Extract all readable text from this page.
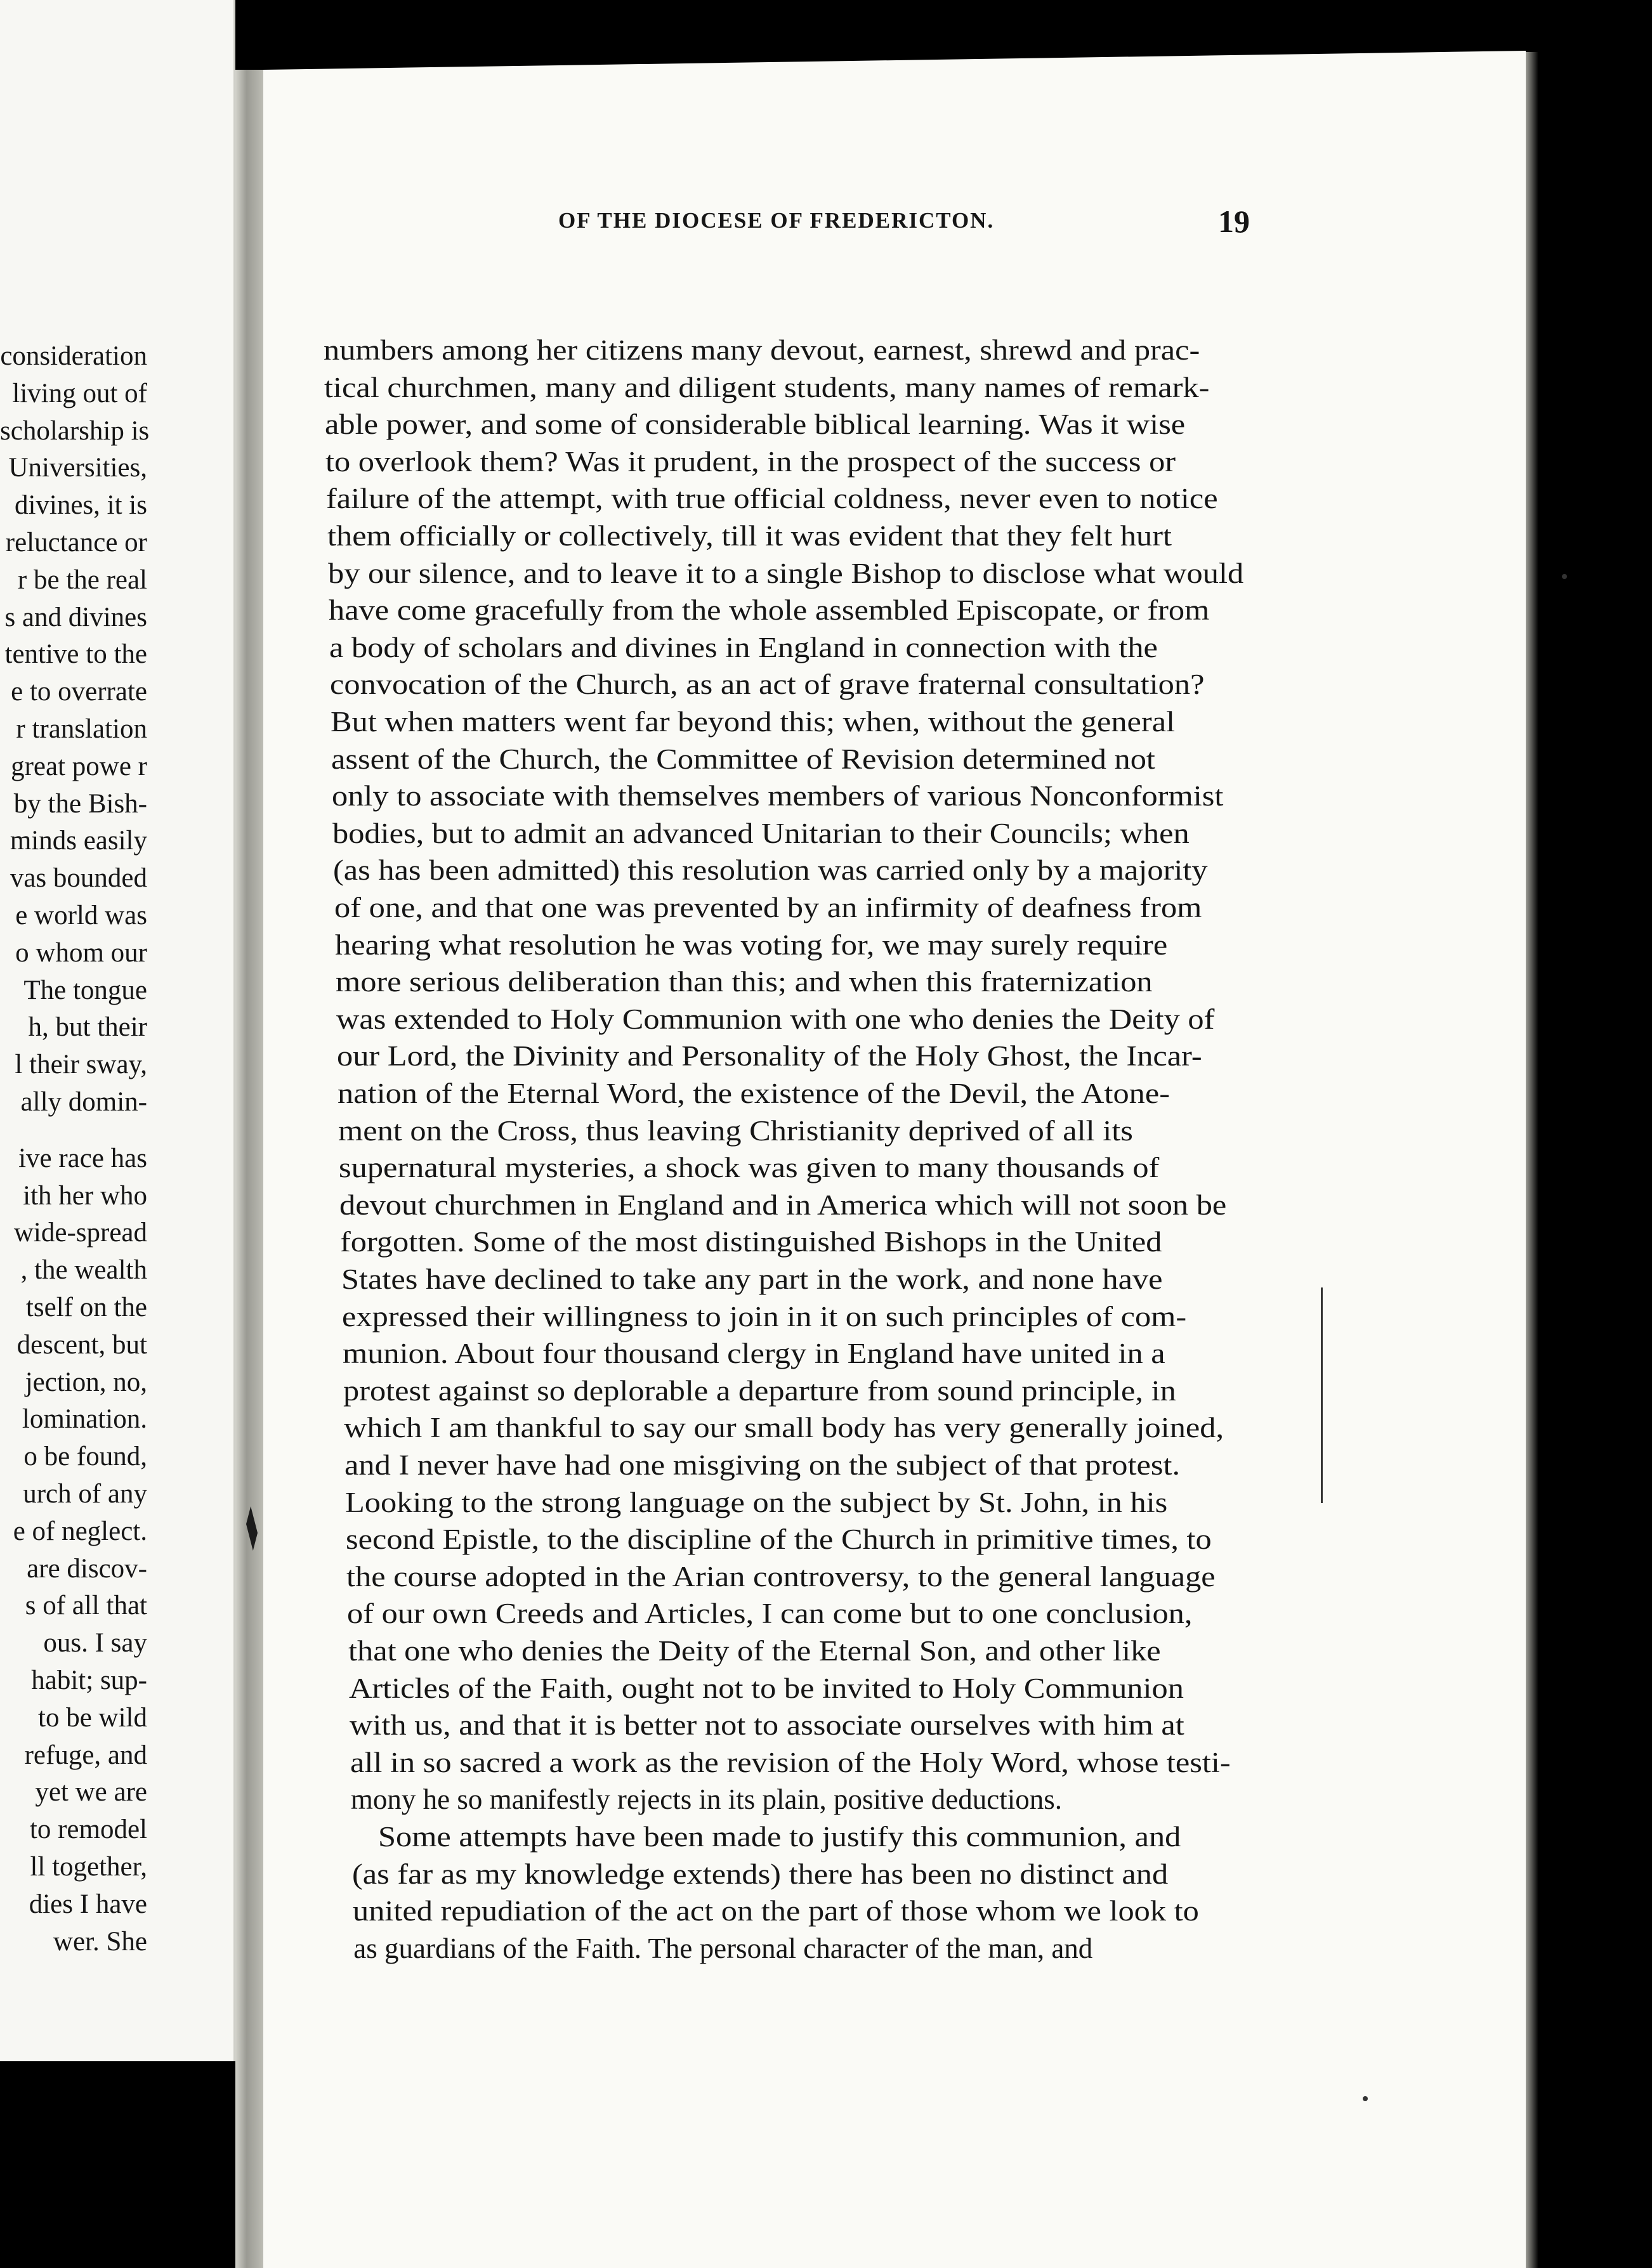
consideration
living out of
scholarship is
Universities,
divines, it is
reluctance or
r be the real
s and divines
tentive to the
e to overrate
r translation
great powe r
by the Bish-
minds easily
vas bounded
e world was
o whom our
The tongue
h, but their
l their sway,
ally domin-
ive race has
ith her who
wide-spread
, the wealth
tself on the
descent, but
jection, no,
lomination.
o be found,
urch of any
e of neglect.
are discov-
s of all that
ous. I say
habit; sup-
to be wild
refuge, and
yet we are
to remodel
ll together,
dies I have
wer. She
OF THE DIOCESE OF FREDERICTON.	19
numbers among her citizens many devout, earnest, shrewd and prac-
tical churchmen, many and diligent students, many names of remark-
able power, and some of considerable biblical learning. Was it wise
to overlook them? Was it prudent, in the prospect of the success or
failure of the attempt, with true official coldness, never even to notice
them officially or collectively, till it was evident that they felt hurt
by our silence, and to leave it to a single Bishop to disclose what would
have come gracefully from the whole assembled Episcopate, or from
a body of scholars and divines in England in connection with the
convocation of the Church, as an act of grave fraternal consultation?
But when matters went far beyond this; when, without the general
assent of the Church, the Committee of Revision determined not
only to associate with themselves members of various Nonconformist
bodies, but to admit an advanced Unitarian to their Councils; when
(as has been admitted) this resolution was carried only by a majority
of one, and that one was prevented by an infirmity of deafness from
hearing what resolution he was voting for, we may surely require
more serious deliberation than this; and when this fraternization
was extended to Holy Communion with one who denies the Deity of
our Lord, the Divinity and Personality of the Holy Ghost, the Incar-
nation of the Eternal Word, the existence of the Devil, the Atone-
ment on the Cross, thus leaving Christianity deprived of all its
supernatural mysteries, a shock was given to many thousands of
devout churchmen in England and in America which will not soon be
forgotten. Some of the most distinguished Bishops in the United
States have declined to take any part in the work, and none have
expressed their willingness to join in it on such principles of com-
munion. About four thousand clergy in England have united in a
protest against so deplorable a departure from sound principle, in
which I am thankful to say our small body has very generally joined,
and I never have had one misgiving on the subject of that protest.
Looking to the strong language on the subject by St. John, in his
second Epistle, to the discipline of the Church in primitive times, to
the course adopted in the Arian controversy, to the general language
of our own Creeds and Articles, I can come but to one conclusion,
that one who denies the Deity of the Eternal Son, and other like
Articles of the Faith, ought not to be invited to Holy Communion
with us, and that it is better not to associate ourselves with him at
all in so sacred a work as the revision of the Holy Word, whose testi-
mony he so manifestly rejects in its plain, positive deductions.
Some attempts have been made to justify this communion, and
(as far as my knowledge extends) there has been no distinct and
united repudiation of the act on the part of those whom we look to
as guardians of the Faith. The personal character of the man, and
